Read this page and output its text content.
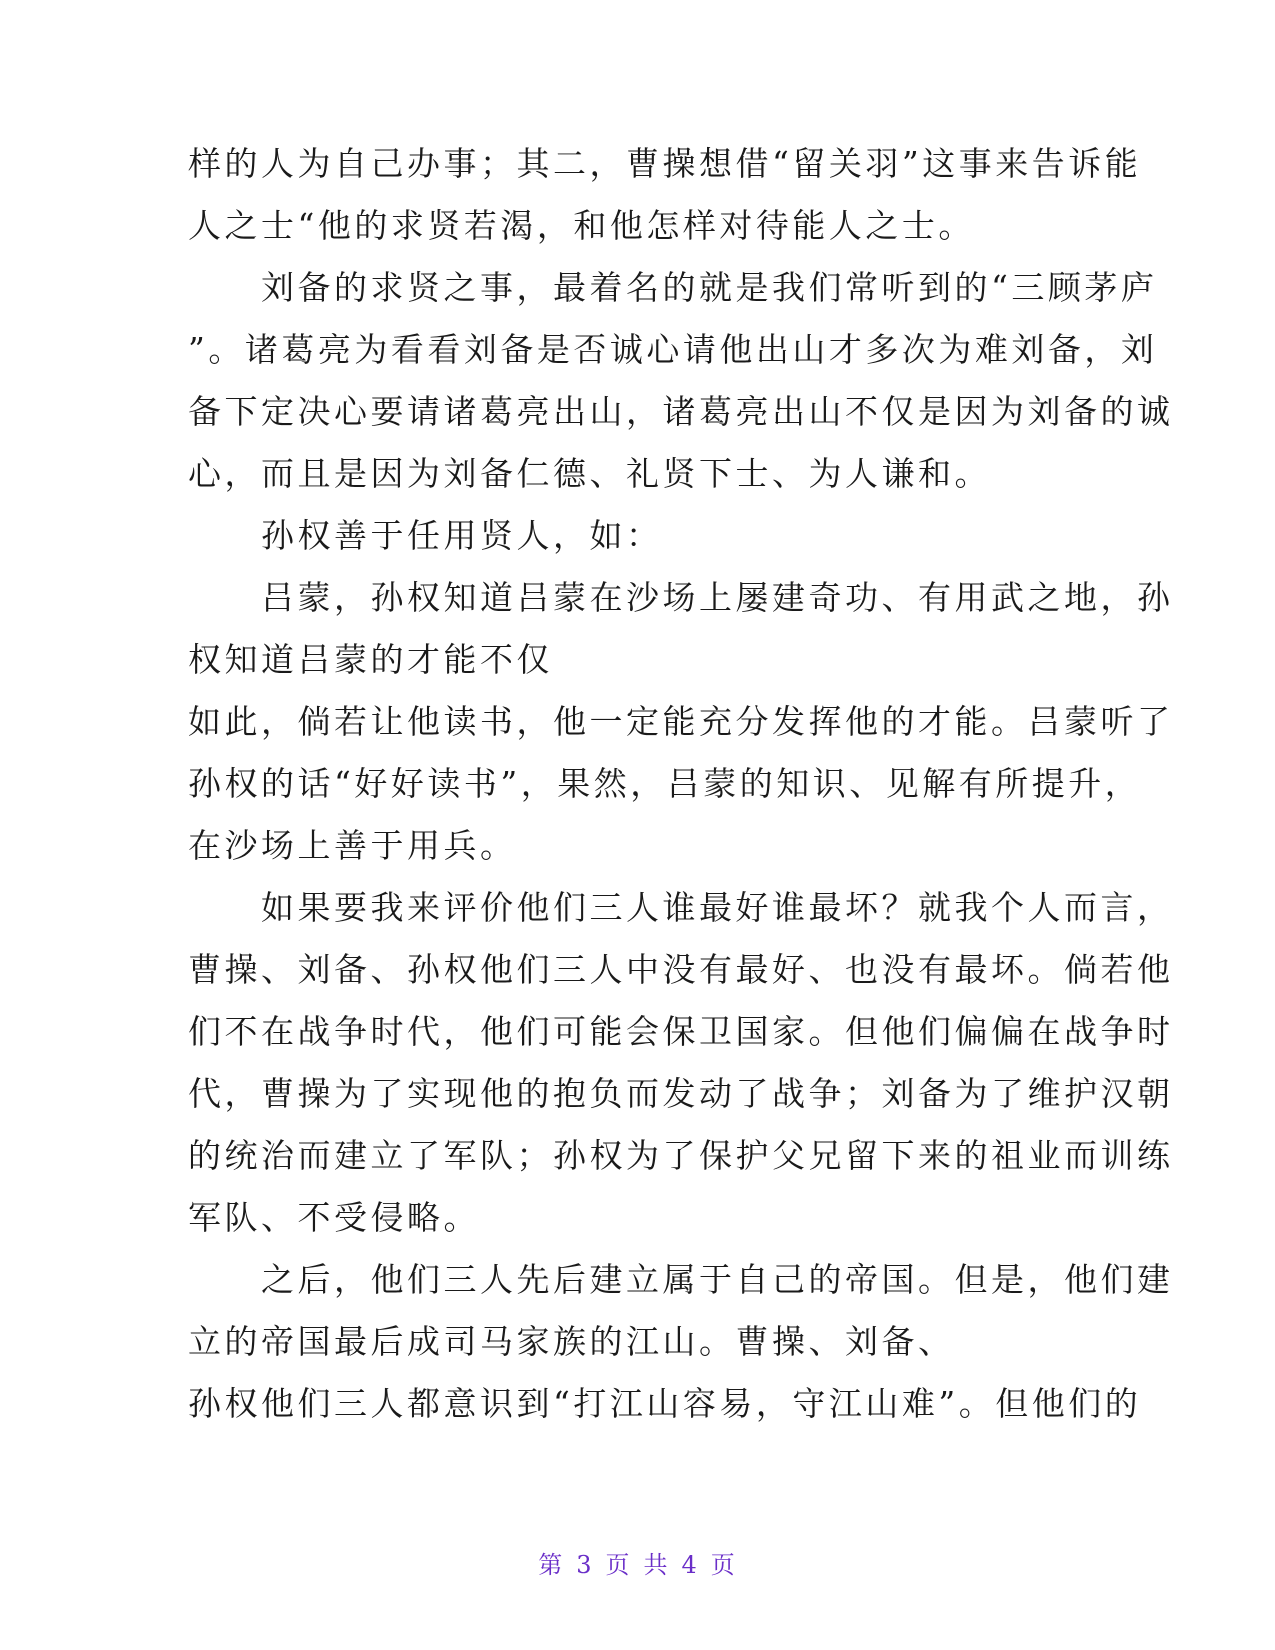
样的人为自己办事；其二，曹操想借“留关羽”这事来告诉能
人之士“他的求贤若渴，和他怎样对待能人之士。
　　刘备的求贤之事，最着名的就是我们常听到的“三顾茅庐
”。诸葛亮为看看刘备是否诚心请他出山才多次为难刘备，刘
备下定决心要请诸葛亮出山，诸葛亮出山不仅是因为刘备的诚
心，而且是因为刘备仁德、礼贤下士、为人谦和。
　　孙权善于任用贤人，如：
　　吕蒙，孙权知道吕蒙在沙场上屡建奇功、有用武之地，孙
权知道吕蒙的才能不仅
如此，倘若让他读书，他一定能充分发挥他的才能。吕蒙听了
孙权的话“好好读书”，果然，吕蒙的知识、见解有所提升，
在沙场上善于用兵。
　　如果要我来评价他们三人谁最好谁最坏？就我个人而言，
曹操、刘备、孙权他们三人中没有最好、也没有最坏。倘若他
们不在战争时代，他们可能会保卫国家。但他们偏偏在战争时
代，曹操为了实现他的抱负而发动了战争；刘备为了维护汉朝
的统治而建立了军队；孙权为了保护父兄留下来的祖业而训练
军队、不受侵略。
　　之后，他们三人先后建立属于自己的帝国。但是，他们建
立的帝国最后成司马家族的江山。曹操、刘备、
孙权他们三人都意识到“打江山容易，守江山难”。但他们的
第 3 页 共 4 页
